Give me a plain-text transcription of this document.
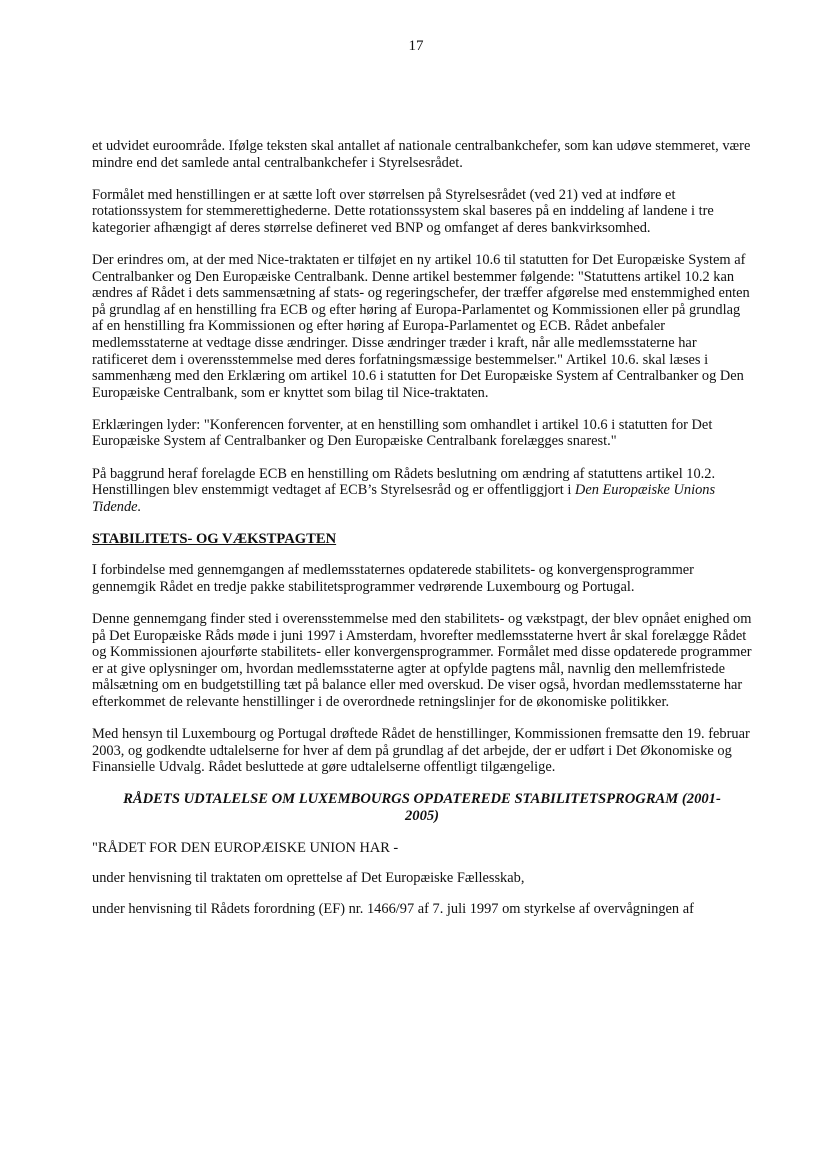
17

et udvidet euroområde. Ifølge teksten skal antallet af nationale centralbankchefer, som kan udøve stemmeret, være mindre end det samlede antal centralbankchefer i Styrelsesrådet.

Formålet med henstillingen er at sætte loft over størrelsen på Styrelsesrådet (ved 21) ved at indføre et rotationssystem for stemmerettighederne. Dette rotationssystem skal baseres på en inddeling af landene i tre kategorier afhængigt af deres størrelse defineret ved BNP og omfanget af deres bankvirksomhed.

Der erindres om, at der med Nice-traktaten er tilføjet en ny artikel 10.6 til statutten for Det Europæiske System af Centralbanker og Den Europæiske Centralbank. Denne artikel bestemmer følgende: "Statuttens artikel 10.2 kan ændres af Rådet i dets sammensætning af stats- og regeringschefer, der træffer afgørelse med enstemmighed enten på grundlag af en henstilling fra ECB og efter høring af Europa-Parlamentet og Kommissionen eller på grundlag af en henstilling fra Kommissionen og efter høring af Europa-Parlamentet og ECB. Rådet anbefaler medlemsstaterne at vedtage disse ændringer. Disse ændringer træder i kraft, når alle medlemsstaterne har ratificeret dem i overensstemmelse med deres forfatningsmæssige bestemmelser." Artikel 10.6. skal læses i sammenhæng med den Erklæring om artikel 10.6 i statutten for Det Europæiske System af Centralbanker og Den Europæiske Centralbank, som er knyttet som bilag til Nice-traktaten.

Erklæringen lyder: "Konferencen forventer, at en henstilling som omhandlet i artikel 10.6 i statutten for Det Europæiske System af Centralbanker og Den Europæiske Centralbank forelægges snarest."

På baggrund heraf forelagde ECB en henstilling om Rådets beslutning om ændring af statuttens artikel 10.2. Henstillingen blev enstemmigt vedtaget af ECB’s Styrelsesråd og er offentliggjort i Den Europæiske Unions Tidende.

STABILITETS- OG VÆKSTPAGTEN

I forbindelse med gennemgangen af medlemsstaternes opdaterede stabilitets- og konvergensprogrammer gennemgik Rådet en tredje pakke stabilitetsprogrammer vedrørende Luxembourg og Portugal.

Denne gennemgang finder sted i overensstemmelse med den stabilitets- og vækstpagt, der blev opnået enighed om på Det Europæiske Råds møde i juni 1997 i Amsterdam, hvorefter medlemsstaterne hvert år skal forelægge Rådet og Kommissionen ajourførte stabilitets- eller konvergensprogrammer. Formålet med disse opdaterede programmer er at give oplysninger om, hvordan medlemsstaterne agter at opfylde pagtens mål, navnlig den mellemfristede målsætning om en budgetstilling tæt på balance eller med overskud. De viser også, hvordan medlemsstaterne har efterkommet de relevante henstillinger i de overordnede retningslinjer for de økonomiske politikker.

Med hensyn til Luxembourg og Portugal drøftede Rådet de henstillinger, Kommissionen fremsatte den 19. februar 2003, og godkendte udtalelserne for hver af dem på grundlag af det arbejde, der er udført i Det Økonomiske og Finansielle Udvalg. Rådet besluttede at gøre udtalelserne offentligt tilgængelige.

RÅDETS UDTALELSE OM LUXEMBOURGS OPDATEREDE STABILITETSPROGRAM (2001-
2005)

"RÅDET FOR DEN EUROPÆISKE UNION HAR -

under henvisning til traktaten om oprettelse af Det Europæiske Fællesskab,

under henvisning til Rådets forordning (EF) nr. 1466/97 af 7. juli 1997 om styrkelse af overvågningen af
